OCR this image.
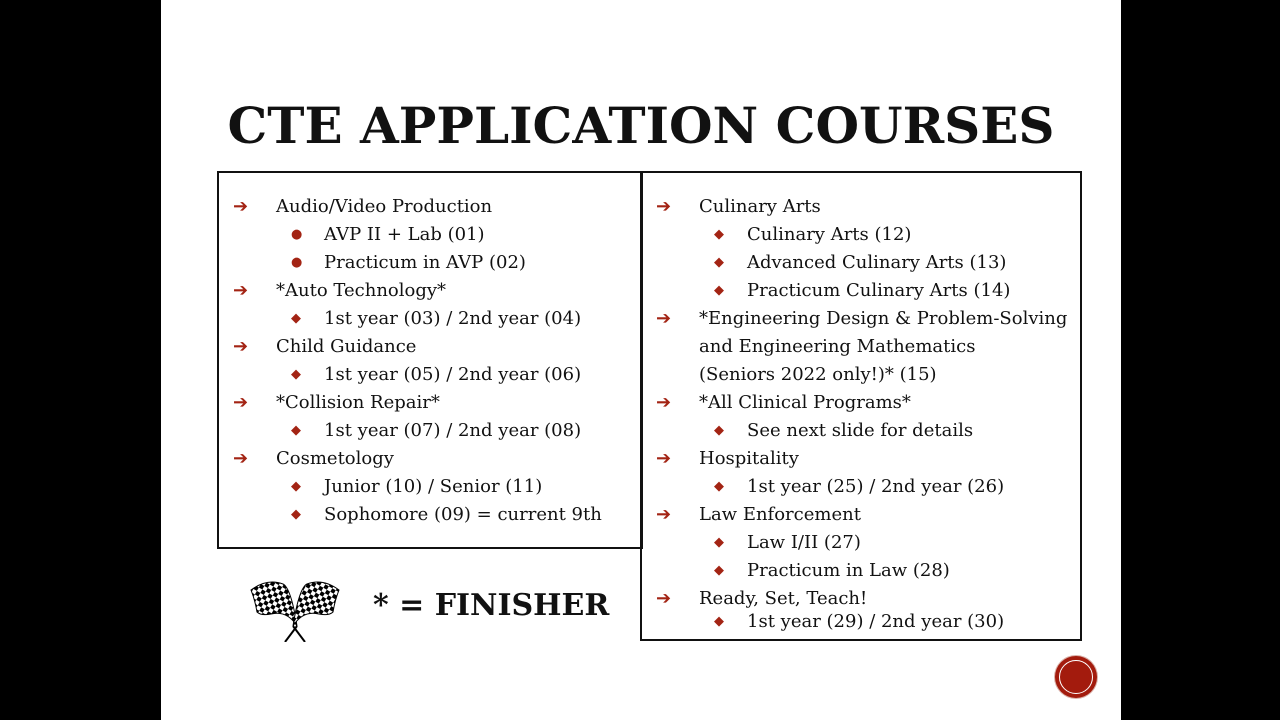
CTE APPLICATION COURSES
➔ Audio/Video Production
● AVP II + Lab (01)
● Practicum in AVP (02)
➔ *Auto Technology*
◆ 1st year (03) / 2nd year (04)
➔ Child Guidance
◆ 1st year (05) / 2nd year (06)
➔ *Collision Repair*
◆ 1st year (07) / 2nd year (08)
➔ Cosmetology
◆ Junior (10) / Senior (11)
◆ Sophomore (09) = current 9th
➔ Culinary Arts
◆ Culinary Arts (12)
◆ Advanced Culinary Arts (13)
◆ Practicum Culinary Arts (14)
➔ *Engineering Design & Problem-Solving
and Engineering Mathematics
(Seniors 2022 only!)* (15)
➔ *All Clinical Programs*
◆ See next slide for details
➔ Hospitality
◆ 1st year (25) / 2nd year (26)
➔ Law Enforcement
◆ Law I/II (27)
◆ Practicum in Law (28)
➔ Ready, Set, Teach!
◆ 1st year (29) / 2nd year (30)
* = FINISHER
